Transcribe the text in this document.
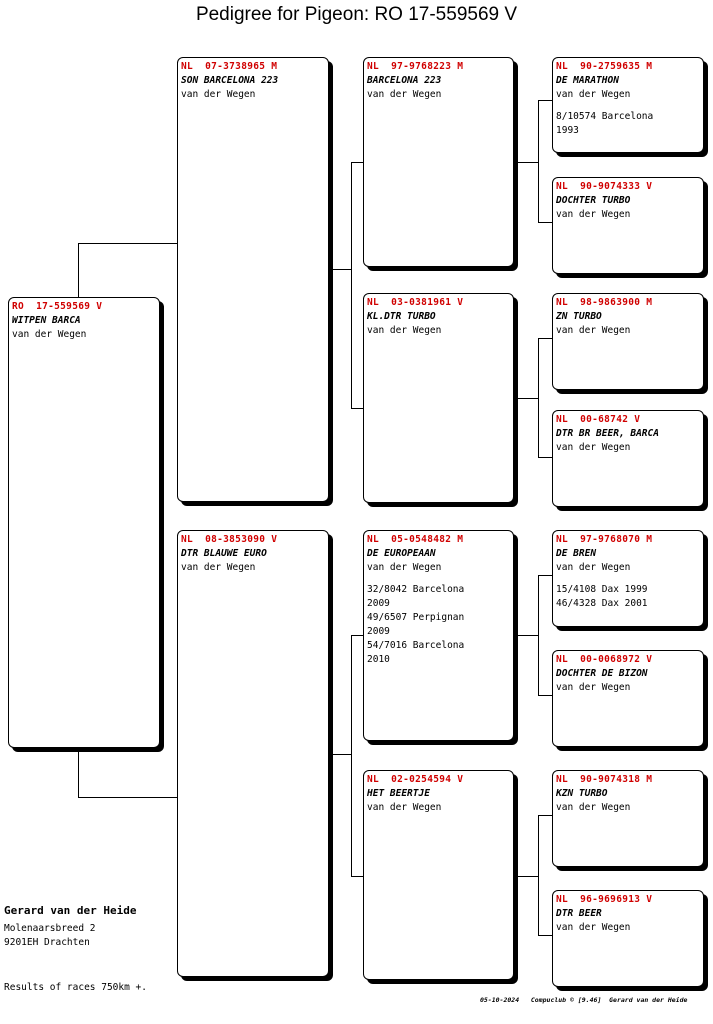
Pedigree for Pigeon: RO 17-559569 V
RO  17-559569 V
WITPEN BARCA
van der Wegen
NL  07-3738965 M
SON BARCELONA 223
van der Wegen
NL  08-3853090 V
DTR BLAUWE EURO
van der Wegen
NL  97-9768223 M
BARCELONA 223
van der Wegen
NL  03-0381961 V
KL.DTR TURBO
van der Wegen
NL  05-0548482 M
DE EUROPEAAN
van der Wegen
32/8042 Barcelona
2009
49/6507 Perpignan
2009
54/7016 Barcelona
2010
NL  02-0254594 V
HET BEERTJE
van der Wegen
NL  90-2759635 M
DE MARATHON
van der Wegen
8/10574 Barcelona
1993
NL  90-9074333 V
DOCHTER TURBO
van der Wegen
NL  98-9863900 M
ZN TURBO
van der Wegen
NL  00-68742 V
DTR BR BEER, BARCA
van der Wegen
NL  97-9768070 M
DE BREN
van der Wegen
15/4108 Dax 1999
46/4328 Dax 2001
NL  00-0068972 V
DOCHTER DE BIZON
van der Wegen
NL  90-9074318 M
KZN TURBO
van der Wegen
NL  96-9696913 V
DTR BEER
van der Wegen
Gerard van der Heide
Molenaarsbreed 2
9201EH Drachten
Results of races 750km +.
05-10-2024   Compuclub © [9.46]  Gerard van der Heide
